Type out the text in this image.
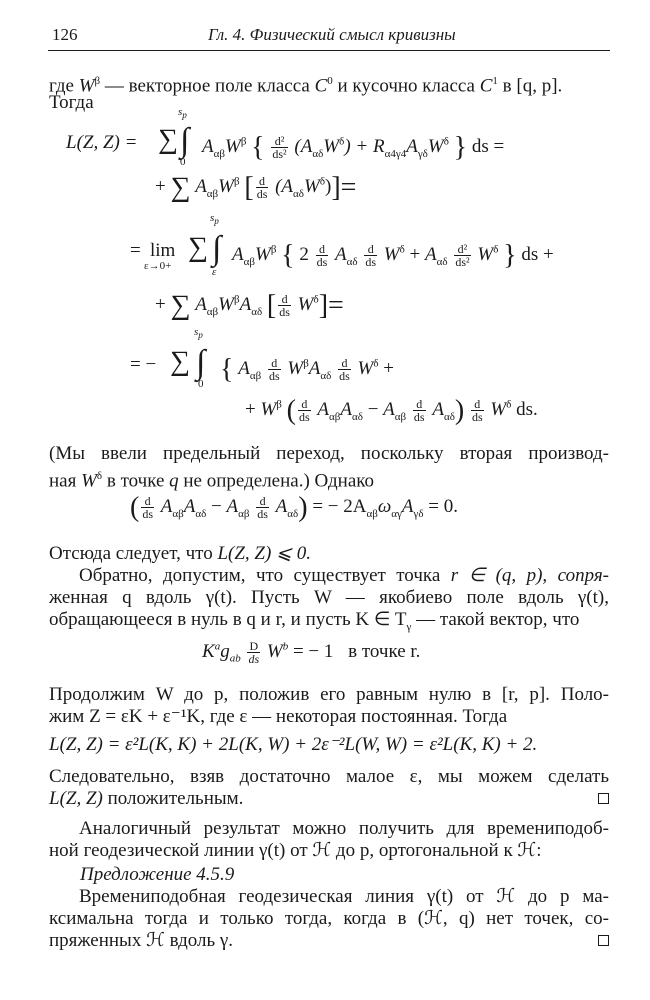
126	Гл. 4. Физический смысл кривизны
где $W^\beta$ — векторное поле класса $C^0$ и кусочно класса $C^1$ в [q, p].
Тогда
L(Z, Z) = ∑ ∫
$s_p$
0
$A_{\alpha\beta}W^\beta$ { $\frac{\text{d²}}{\text{ds²}} (A_{\alpha\delta}W^\delta) + R_{\alpha 4\gamma 4}A_{\gamma\delta}W^\delta$ } ds =
+ ∑ $A_{\alpha\beta}W^\beta$ [ $\frac{d}{ds} (A_{\alpha\delta}W^\delta)]=$
= lim
ε→0+
∑ ∫
$s_p$
ε
$A_{\alpha\beta}W^\beta$ { $2 \frac{d}{ds} A_{\alpha\delta} \frac{d}{ds} W^\delta + A_{\alpha\delta} \frac{\text{d²}}{\text{ds²}} W^\delta$ } ds +
+ ∑ $A_{\alpha\beta}W^\beta A_{\alpha\delta}$ [ $\frac{d}{ds} W^\delta]=$
= − ∑ ∫
$s_p$
0 { $A_{\alpha\beta} \frac{d}{ds} W^\beta A_{\alpha\delta} \frac{d}{ds} W^\delta$ +
+ $W^\beta$ ( $\frac{d}{ds} A_{\alpha\beta}A_{\alpha\delta} - A_{\alpha\beta} \frac{d}{ds} A_{\alpha\delta}) \frac{d}{ds} W^\delta$ ds.
(Мы ввели предельный переход, поскольку вторая производ-
ная $W^\delta$ в точке q не определена.) Однако
( $\frac{d}{ds} A_{\alpha\beta}A_{\alpha\delta} - A_{\alpha\beta} \frac{d}{ds} A_{\alpha\delta}$) = − $2A_{\alpha\beta}\omega_{\alpha\gamma}A_{\gamma\delta} = 0$.
Отсюда следует, что L(Z, Z) ⩽ 0.
Обратно, допустим, что существует точка r ∈ (q, p), сопря-
женная q вдоль γ(t). Пусть W — якобиево поле вдоль γ(t),
обращающееся в нуль в q и r, и пусть K ∈ $T_\gamma$ — такой вектор, что
$K^ag_{ab} \frac{D}{ds} W^b$ = − 1 в точке r.
Продолжим W до p, положив его равным нулю в [r, p]. Поло-
жим Z = εK + ε⁻¹K, где ε — некоторая постоянная. Тогда
L(Z, Z) = ε²L(K, K) + 2L(K, W) + 2ε⁻²L(W, W) = ε²L(K, K) + 2.
Следовательно, взяв достаточно малое ε, мы можем сделать
L(Z, Z) положительным.
Аналогичный результат можно получить для времениподоб-
ной геодезической линии γ(t) от ℋ до p, ортогональной к ℋ:
Предложение 4.5.9
Времениподобная геодезическая линия γ(t) от ℋ до p ма-
ксимальна тогда и только тогда, когда в (ℋ, q) нет точек, со-
пряженных ℋ вдоль γ.
